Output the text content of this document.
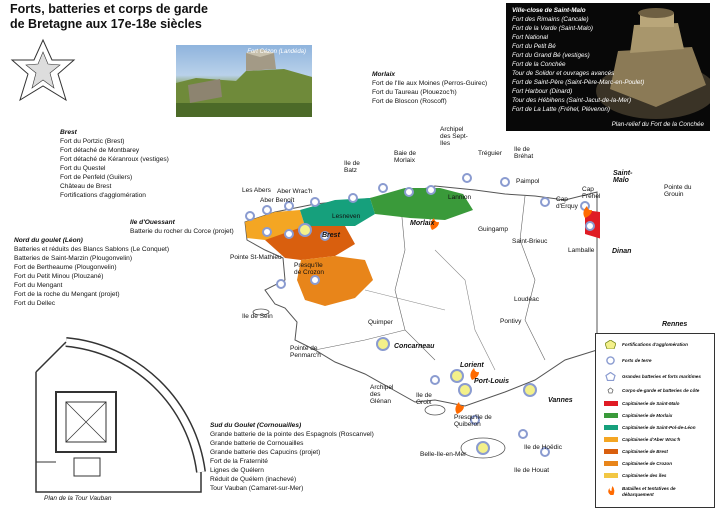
Forts, batteries et corps de garde
de Bretagne aux 17e-18e siècles
Fort Cézon (Landéda)
Ville-close de Saint-Malo
Fort des Rimains (Cancale)
Fort de la Varde (Saint-Malo)
Fort National
Fort du Petit Bé
Fort du Grand Bé (vestiges)
Fort de la Conchée
Tour de Solidor et ouvrages avancés
Fort de Saint-Père (Saint-Père-Marc-en-Poulet)
Fort Harbour (Dinard)
Tour des Hébihens (Saint-Jacut-de-la-Mer)
Fort de La Latte (Fréhel, Plévenon)
Plan-relief du Fort de la Conchée
Morlaix
Fort de l'Ile aux Moines (Perros-Guirec)
Fort du Taureau (Plouezoc'h)
Fort de Bloscon (Roscoff)
Brest
Fort du Portzic (Brest)
Fort détaché de Montbarey
Fort détaché de Kéranroux (vestiges)
Fort du Questel
Fort de Penfeld (Guilers)
Château de Brest
Fortifications d'agglomération
Ile d'Ouessant
Batterie du rocher du Corce (projet)
Nord du goulet (Léon)
Batteries et réduits des Blancs Sablons (Le Conquet)
Batteries de Saint-Marzin (Plougonvelin)
Fort de Bertheaume (Plougonvelin)
Fort du Petit Minou (Plouzané)
Fort du Mengant
Fort de la roche du Mengant (projet)
Fort du Dellec
Sud du Goulet (Cornouailles)
Grande batterie de la pointe des Espagnols (Roscanvel)
Grande batterie de Cornouailles
Grande batterie des Capucins (projet)
Fort de la Fraternité
Lignes de Quélern
Réduit de Quélern (inachevé)
Tour Vauban (Camaret-sur-Mer)
Plan de la Tour Vauban
Les Abers Aber Wrac'h
Aber Benoît
Ile de Batz
Baie de Morlaix
Archipel des Sept-Iles
Tréguier
Ile de Bréhat
Lannion
Paimpol
Lesneven
Morlaix
Guingamp
Saint-Brieuc
Cap d'Erquy
Cap Fréhel
Saint-Malo
Pointe du Grouin
Lamballe	Dinan
Brest
Pointe St-Mathieu
Presqu'île de Crozon
Ile de Sein
Loudéac
Pontivy	Rennes
Quimper
Pointe de Penmarc'h
Concarneau
Archipel des Glénan
Lorient
Port-Louis
Ile de Groix	Vannes
Presqu'île de Quiberon
Belle-Ile-en-Mer
Ile de Hoëdic
Ile de Houat
Fortifications d'agglomération
Forts de terre
Grandes batteries et forts maritimes
Corps-de-garde et batteries de côte
Capitainerie de Saint-Malo
Capitainerie de Morlaix
Capitainerie de Saint-Pol-de-Léon
Capitainerie d'Aber Wrac'h
Capitainerie de Brest
Capitainerie de Crozon
Capitainerie des îles
Batailles et tentatives de débarquement
